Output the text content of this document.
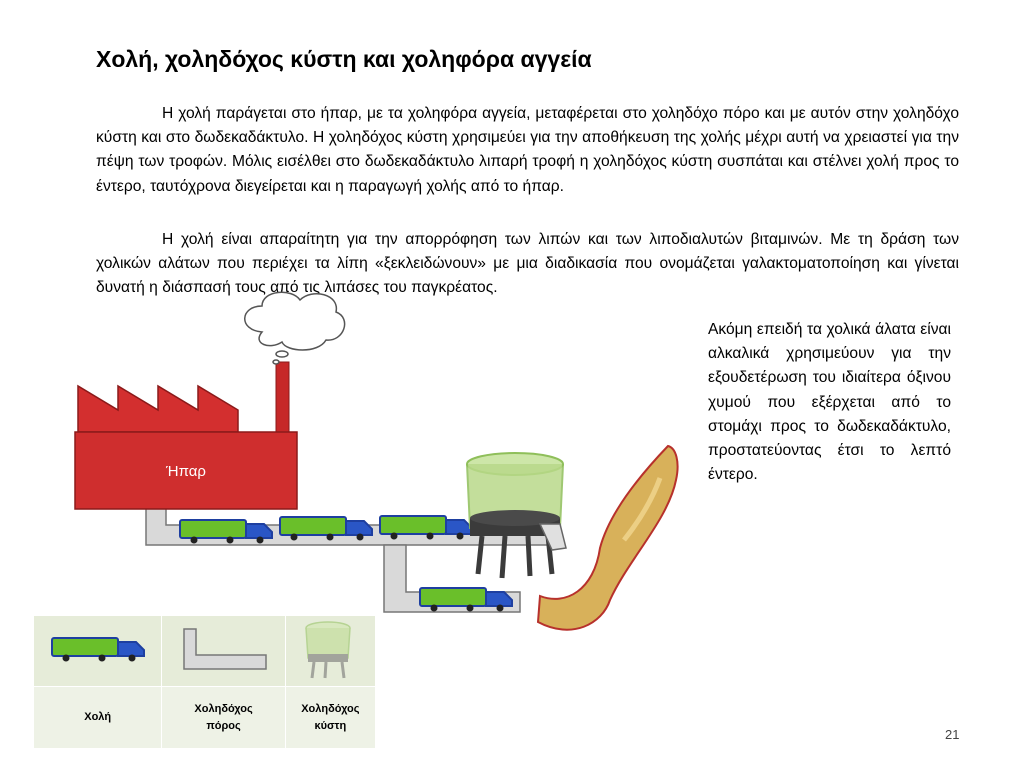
Χολή, χοληδόχος κύστη και χοληφόρα αγγεία

Η χολή παράγεται στο ήπαρ, με τα χοληφόρα αγγεία, μεταφέρεται στο χοληδόχο πόρο και με αυτόν στην χοληδόχο κύστη και στο δωδεκαδάκτυλο. Η χοληδόχος κύστη χρησιμεύει για την αποθήκευση της χολής μέχρι αυτή να χρειαστεί για την πέψη των τροφών. Μόλις εισέλθει στο δωδεκαδάκτυλο λιπαρή τροφή η χοληδόχος κύστη συσπάται και στέλνει χολή προς το έντερο, ταυτόχρονα διεγείρεται και η παραγωγή χολής από το ήπαρ.

Η χολή είναι απαραίτητη για την απορρόφηση των λιπών και των λιποδιαλυτών βιταμινών. Με τη δράση των χολικών αλάτων που περιέχει τα λίπη «ξεκλειδώνουν» με μια διαδικασία που ονομάζεται γαλακτοματοποίηση και γίνεται δυνατή η διάσπασή τους από τις λιπάσες του παγκρέατος.

Ακόμη επειδή τα χολικά άλατα είναι αλκαλικά χρησιμεύουν για την εξουδετέρωση του ιδιαίτερα όξινου χυμού που εξέρχεται από το στομάχι προς το δωδεκαδάκτυλο, προστατεύοντας έτσι το λεπτό έντερο.

Ήπαρ

Χολή	Χοληδόχος πόρος	Χοληδόχος κύστη
21
